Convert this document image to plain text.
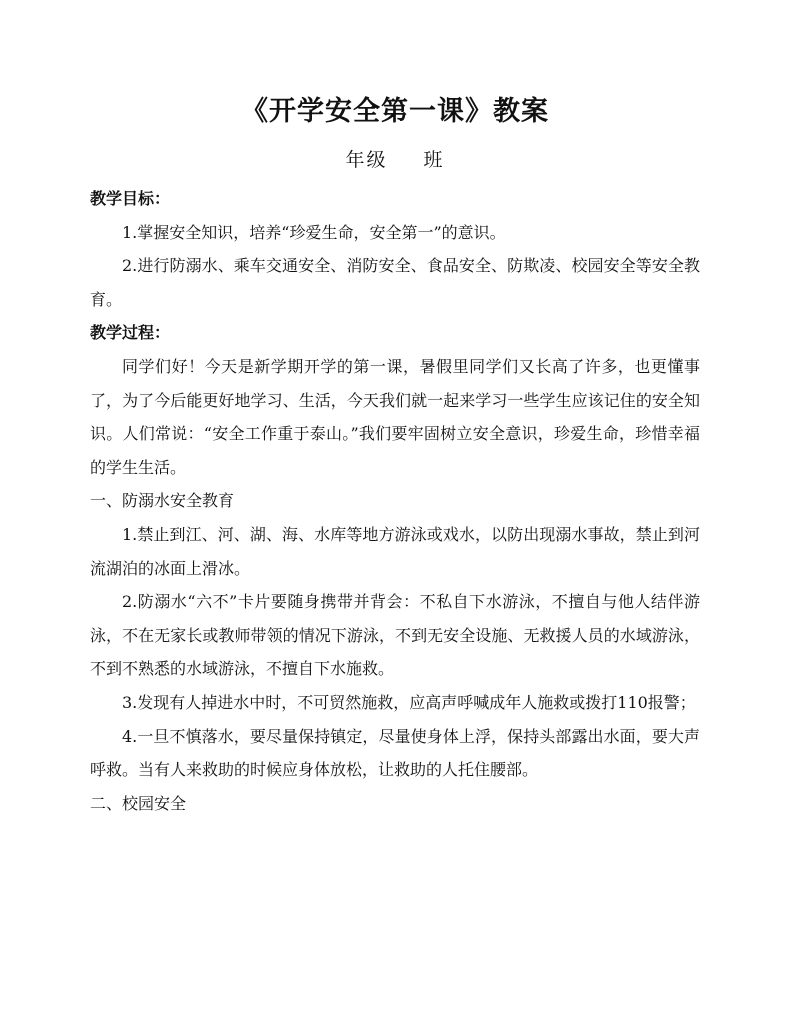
《开学安全第一课》教案
年级 班

教学目标：

1.掌握安全知识，培养“珍爱生命，安全第一”的意识。

2.进行防溺水、乘车交通安全、消防安全、食品安全、防欺凌、校园安全等安全教育。

教学过程：

同学们好！今天是新学期开学的第一课，暑假里同学们又长高了许多，也更懂事了，为了今后能更好地学习、生活，今天我们就一起来学习一些学生应该记住的安全知识。人们常说：“安全工作重于泰山。”我们要牢固树立安全意识，珍爱生命，珍惜幸福的学生生活。

一、防溺水安全教育

1.禁止到江、河、湖、海、水库等地方游泳或戏水，以防出现溺水事故，禁止到河流湖泊的冰面上滑冰。

2.防溺水“六不”卡片要随身携带并背会：不私自下水游泳，不擅自与他人结伴游泳，不在无家长或教师带领的情况下游泳，不到无安全设施、无救援人员的水域游泳，不到不熟悉的水域游泳，不擅自下水施救。

3.发现有人掉进水中时，不可贸然施救，应高声呼喊成年人施救或拨打110报警；

4.一旦不慎落水，要尽量保持镇定，尽量使身体上浮，保持头部露出水面，要大声呼救。当有人来救助的时候应身体放松，让救助的人托住腰部。

二、校园安全
